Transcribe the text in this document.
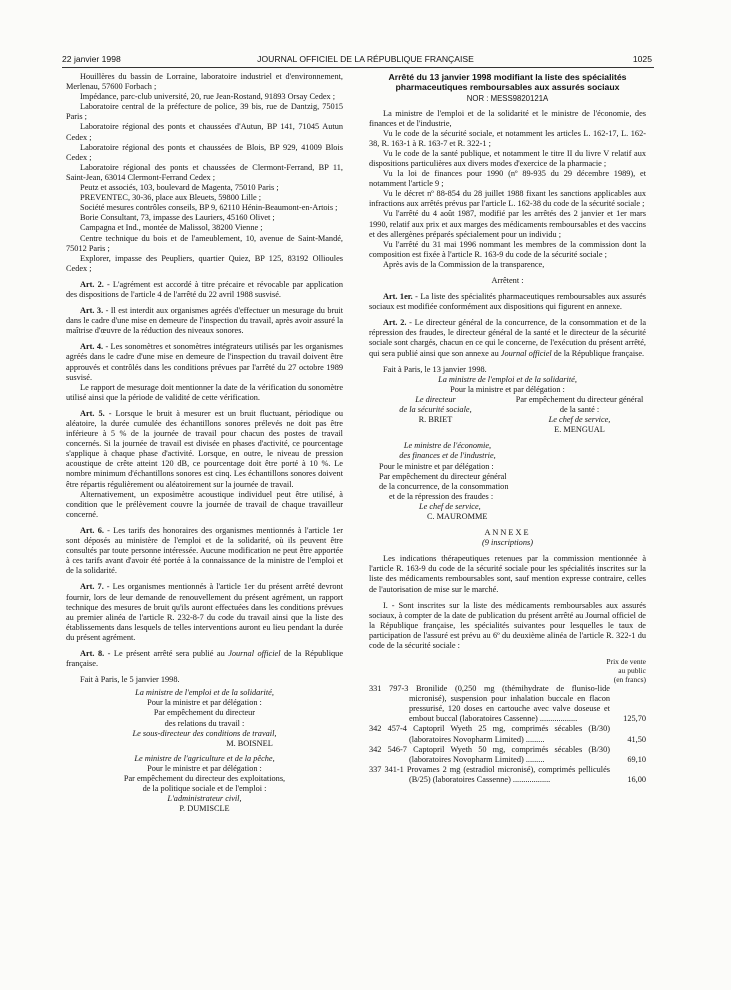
22 janvier 1998	JOURNAL OFFICIEL DE LA RÉPUBLIQUE FRANÇAISE	1025

Houillères du bassin de Lorraine, laboratoire industriel et d'environnement, Merlenau, 57600 Forbach ;

Impédance, parc-club université, 20, rue Jean-Rostand, 91893 Orsay Cedex ;

Laboratoire central de la préfecture de police, 39 bis, rue de Dantzig, 75015 Paris ;

Laboratoire régional des ponts et chaussées d'Autun, BP 141, 71045 Autun Cedex ;

Laboratoire régional des ponts et chaussées de Blois, BP 929, 41009 Blois Cedex ;

Laboratoire régional des ponts et chaussées de Clermont-Ferrand, BP 11, Saint-Jean, 63014 Clermont-Ferrand Cedex ;

Peutz et associés, 103, boulevard de Magenta, 75010 Paris ;

PREVENTEC, 30-36, place aux Bleuets, 59800 Lille ;

Société mesures contrôles conseils, BP 9, 62110 Hénin-Beaumont-en-Artois ;

Borie Consultant, 73, impasse des Lauriers, 45160 Olivet ;

Campagna et Ind., montée de Malissol, 38200 Vienne ;

Centre technique du bois et de l'ameublement, 10, avenue de Saint-Mandé, 75012 Paris ;

Explorer, impasse des Peupliers, quartier Quiez, BP 125, 83192 Ollioules Cedex ;

Art. 2. - L'agrément est accordé à titre précaire et révocable par application des dispositions de l'article 4 de l'arrêté du 22 avril 1988 susvisé.

Art. 3. - Il est interdit aux organismes agréés d'effectuer un mesurage du bruit dans le cadre d'une mise en demeure de l'inspection du travail, après avoir assuré la maîtrise d'œuvre de la réduction des niveaux sonores.

Art. 4. - Les sonomètres et sonomètres intégrateurs utilisés par les organismes agréés dans le cadre d'une mise en demeure de l'inspection du travail doivent être approuvés et contrôlés dans les conditions prévues par l'arrêté du 27 octobre 1989 susvisé.

Le rapport de mesurage doit mentionner la date de la vérification du sonomètre utilisé ainsi que la période de validité de cette vérification.

Art. 5. - Lorsque le bruit à mesurer est un bruit fluctuant, périodique ou aléatoire, la durée cumulée des échantillons sonores prélevés ne doit pas être inférieure à 5 % de la journée de travail pour chacun des postes de travail concernés. Si la journée de travail est divisée en phases d'activité, ce pourcentage s'applique à chaque phase d'activité. Lorsque, en outre, le niveau de pression acoustique de crête atteint 120 dB, ce pourcentage doit être porté à 10 %. Le nombre minimum d'échantillons sonores est cinq. Les échantillons sonores doivent être répartis régulièrement ou aléatoirement sur la journée de travail.

Alternativement, un exposimètre acoustique individuel peut être utilisé, à condition que le prélèvement couvre la journée de travail de chaque travailleur concerné.

Art. 6. - Les tarifs des honoraires des organismes mentionnés à l'article 1er sont déposés au ministère de l'emploi et de la solidarité, où ils peuvent être consultés par toute personne intéressée. Aucune modification ne peut être apportée à ces tarifs avant d'avoir été portée à la connaissance de la ministre de l'emploi et de la solidarité.

Art. 7. - Les organismes mentionnés à l'article 1er du présent arrêté devront fournir, lors de leur demande de renouvellement du présent agrément, un rapport technique des mesures de bruit qu'ils auront effectuées dans les conditions prévues au premier alinéa de l'article R. 232-8-7 du code du travail ainsi que la liste des établissements dans lesquels de telles interventions auront eu lieu pendant la durée du présent agrément.

Art. 8. - Le présent arrêté sera publié au Journal officiel de la République française.

Fait à Paris, le 5 janvier 1998.

La ministre de l'emploi et de la solidarité,

Pour la ministre et par délégation :

Par empêchement du directeur

des relations du travail :

Le sous-directeur des conditions de travail,

M. BOISNEL

Le ministre de l'agriculture et de la pêche,

Pour le ministre et par délégation :

Par empêchement du directeur des exploitations,

de la politique sociale et de l'emploi :

L'administrateur civil,

P. DUMISCLE

Arrêté du 13 janvier 1998 modifiant la liste des spécialités pharmaceutiques remboursables aux assurés sociaux

NOR : MESS9820121A

La ministre de l'emploi et de la solidarité et le ministre de l'économie, des finances et de l'industrie,

Vu le code de la sécurité sociale, et notamment les articles L. 162-17, L. 162-38, R. 163-1 à R. 163-7 et R. 322-1 ;

Vu le code de la santé publique, et notamment le titre II du livre V relatif aux dispositions particulières aux divers modes d'exercice de la pharmacie ;

Vu la loi de finances pour 1990 (nº 89-935 du 29 décembre 1989), et notamment l'article 9 ;

Vu le décret nº 88-854 du 28 juillet 1988 fixant les sanctions applicables aux infractions aux arrêtés prévus par l'article L. 162-38 du code de la sécurité sociale ;

Vu l'arrêté du 4 août 1987, modifié par les arrêtés des 2 janvier et 1er mars 1990, relatif aux prix et aux marges des médicaments remboursables et des vaccins et des allergènes préparés spécialement pour un individu ;

Vu l'arrêté du 31 mai 1996 nommant les membres de la commission dont la composition est fixée à l'article R. 163-9 du code de la sécurité sociale ;

Après avis de la Commission de la transparence,

Arrêtent :

Art. 1er. - La liste des spécialités pharmaceutiques remboursables aux assurés sociaux est modifiée conformément aux dispositions qui figurent en annexe.

Art. 2. - Le directeur général de la concurrence, de la consommation et de la répression des fraudes, le directeur général de la santé et le directeur de la sécurité sociale sont chargés, chacun en ce qui le concerne, de l'exécution du présent arrêté, qui sera publié ainsi que son annexe au Journal officiel de la République française.

Fait à Paris, le 13 janvier 1998.

La ministre de l'emploi et de la solidarité,

Pour la ministre et par délégation :

Le directeur

de la sécurité sociale,

R. BRIET

Par empêchement du directeur général

de la santé :

Le chef de service,

E. MENGUAL

Le ministre de l'économie,

des finances et de l'industrie,

Pour le ministre et par délégation :

Par empêchement du directeur général

de la concurrence, de la consommation

et de la répression des fraudes :

Le chef de service,

C. MAUROMME

ANNEXE

(9 inscriptions)

Les indications thérapeutiques retenues par la commission mentionnée à l'article R. 163-9 du code de la sécurité sociale pour les spécialités inscrites sur la liste des médicaments remboursables sont, sauf mention expresse contraire, celles de l'autorisation de mise sur le marché.

I. - Sont inscrites sur la liste des médicaments remboursables aux assurés sociaux, à compter de la date de publication du présent arrêté au Journal officiel de la République française, les spécialités suivantes pour lesquelles le taux de participation de l'assuré est prévu au 6º du deuxième alinéa de l'article R. 322-1 du code de la sécurité sociale :

Prix de vente

au public

(en francs)

331 797-3 Bronilide (0,250 mg (thémihydrate de fluniso-lide micronisé), suspension pour inhalation buccale en flacon pressurisé, 120 doses en cartouche avec valve doseuse et embout buccal (laboratoires Cassenne) ..................	125,70
342 457-4 Captopril Wyeth 25 mg, comprimés sécables (B/30) (laboratoires Novopharm Limited) .........	41,50
342 546-7 Captopril Wyeth 50 mg, comprimés sécables (B/30) (laboratoires Novopharm Limited) .........	69,10
337 341-1 Provames 2 mg (estradiol micronisé), comprimés pelliculés (B/25) (laboratoires Cassenne) ..................	16,00
